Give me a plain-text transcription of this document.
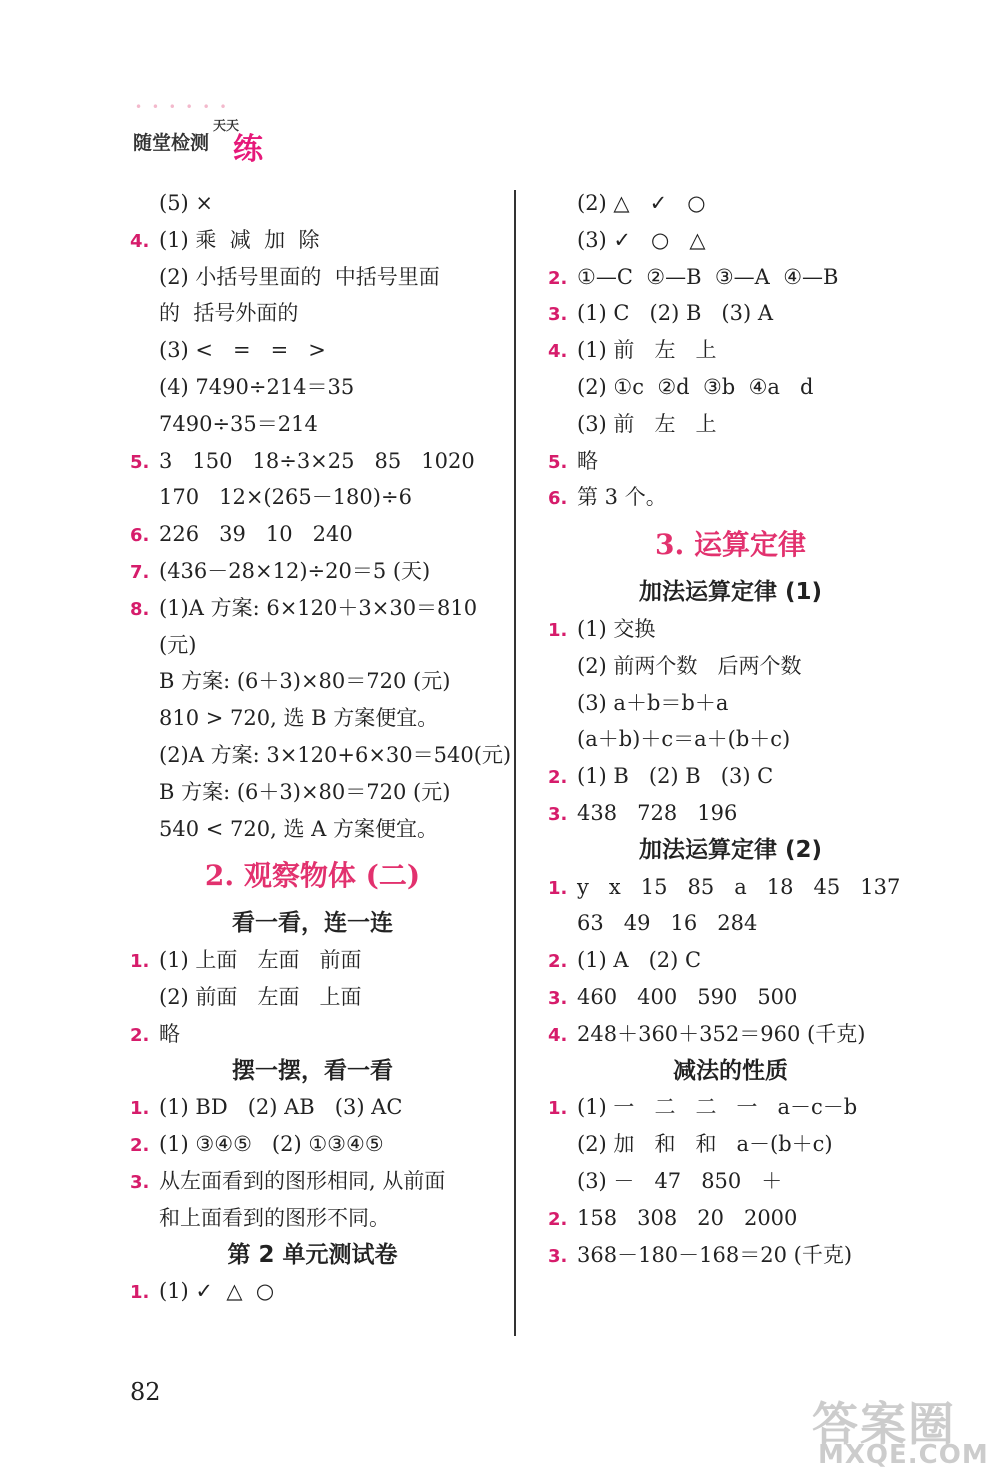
• • • • • •
随堂检测
天天
练
(5) ×
4. (1) 乘  减  加  除
(2) 小括号里面的  中括号里面
的  括号外面的
(3) <   =   =   >
(4) 7490÷214＝35
7490÷35＝214
5. 3   150   18÷3×25   85   1020
170   12×(265－180)÷6
6. 226   39   10   240
7. (436－28×12)÷20＝5 (天)
8. (1)A 方案: 6×120＋3×30＝810
(元)
B 方案: (6＋3)×80＝720 (元)
810 > 720, 选 B 方案便宜。
(2)A 方案: 3×120+6×30＝540(元)
B 方案: (6＋3)×80＝720 (元)
540 < 720, 选 A 方案便宜。
2. 观察物体 (二)
看一看，连一连
1. (1) 上面   左面   前面
(2) 前面   左面   上面
2. 略
摆一摆，看一看
1. (1) BD   (2) AB   (3) AC
2. (1) ③④⑤   (2) ①③④⑤
3. 从左面看到的图形相同, 从前面
和上面看到的图形不同。
第 2 单元测试卷
1. (1) ✓  △  ○
(2) △   ✓   ○
(3) ✓   ○   △
2. ①—C  ②—B  ③—A  ④—B
3. (1) C   (2) B   (3) A
4. (1) 前   左   上
(2) ①c  ②d  ③b  ④a   d
(3) 前   左   上
5. 略
6. 第 3 个。
3. 运算定律
加法运算定律 (1)
1. (1) 交换
(2) 前两个数   后两个数
(3) a＋b＝b＋a
(a＋b)＋c＝a＋(b＋c)
2. (1) B   (2) B   (3) C
3. 438   728   196
加法运算定律 (2)
1. y   x   15   85   a   18   45   137
63   49   16   284
2. (1) A   (2) C
3. 460   400   590   500
4. 248＋360＋352＝960 (千克)
减法的性质
1. (1) 一   二   二   一   a－c－b
(2) 加   和   和   a－(b＋c)
(3) －   47   850   ＋
2. 158   308   20   2000
3. 368－180－168＝20 (千克)
82
答案圈
MXQE.COM
